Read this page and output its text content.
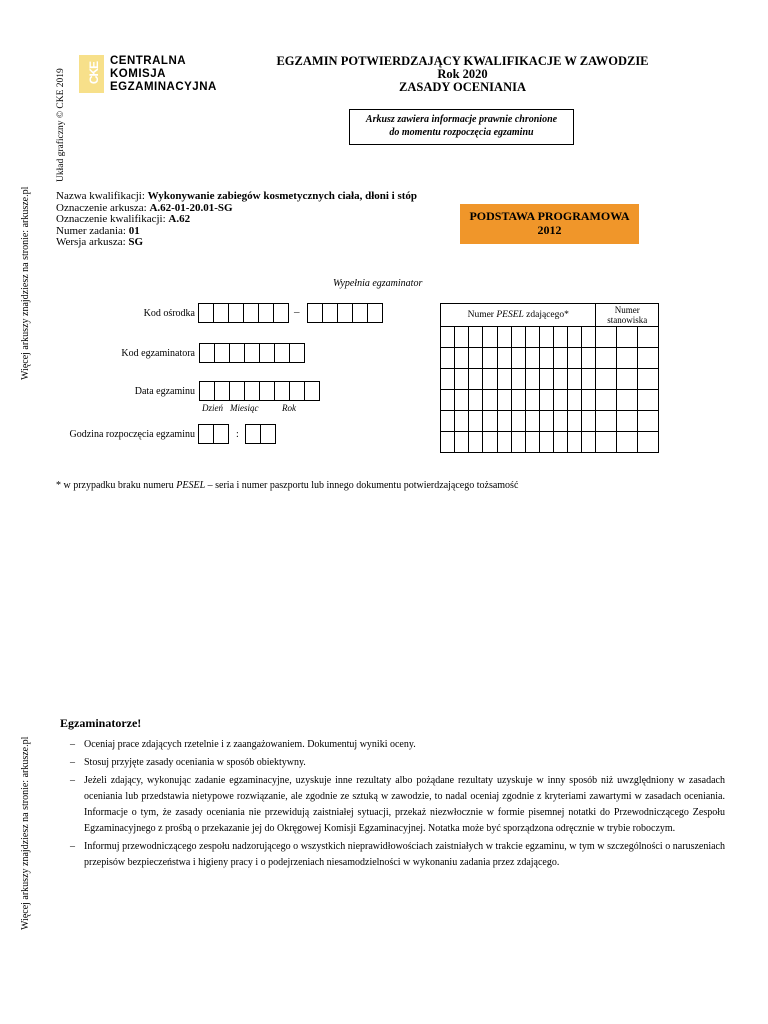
Więcej arkuszy znajdziesz na stronie: arkusze.pl
Więcej arkuszy znajdziesz na stronie: arkusze.pl
Układ graficzny © CKE 2019 CKE
CENTRALNA
KOMISJA
EGZAMINACYJNA
EGZAMIN POTWIERDZAJĄCY KWALIFIKACJE W ZAWODZIE
Rok 2020
ZASADY OCENIANIA
Arkusz zawiera informacje prawnie chronione
do momentu rozpoczęcia egzaminu
Nazwa kwalifikacji: Wykonywanie zabiegów kosmetycznych ciała, dłoni i stóp
Oznaczenie arkusza: A.62-01-20.01-SG
Oznaczenie kwalifikacji: A.62
Numer zadania: 01
Wersja arkusza: SG
PODSTAWA PROGRAMOWA
2012
Wypełnia egzaminator
Kod ośrodka	–
Kod egzaminatora
Data egzaminu
Dzień Miesiąc	Rok
Godzina rozpoczęcia egzaminu	:
Numer PESEL zdającego*											Numer
stanowiska		

* w przypadku braku numeru PESEL – seria i numer paszportu lub innego dokumentu potwierdzającego tożsamość
Egzaminatorze!
– Oceniaj prace zdających rzetelnie i z zaangażowaniem. Dokumentuj wyniki oceny.
– Stosuj przyjęte zasady oceniania w sposób obiektywny.
– Jeżeli zdający, wykonując zadanie egzaminacyjne, uzyskuje inne rezultaty albo pożądane rezultaty uzyskuje w inny sposób niż uwzględniony w zasadach oceniania lub przedstawia nietypowe rozwiązanie, ale zgodnie ze sztuką w zawodzie, to nadal oceniaj zgodnie z kryteriami zawartymi w zasadach oceniania. Informacje o tym, że zasady oceniania nie przewidują zaistniałej sytuacji, przekaż niezwłocznie w formie pisemnej notatki do Przewodniczącego Zespołu Egzaminacyjnego z prośbą o przekazanie jej do Okręgowej Komisji Egzaminacyjnej. Notatka może być sporządzona odręcznie w trybie roboczym.
– Informuj przewodniczącego zespołu nadzorującego o wszystkich nieprawidłowościach zaistniałych w trakcie egzaminu, w tym w szczególności o naruszeniach przepisów bezpieczeństwa i higieny pracy i o podejrzeniach niesamodzielności w wykonaniu zadania przez zdającego.
